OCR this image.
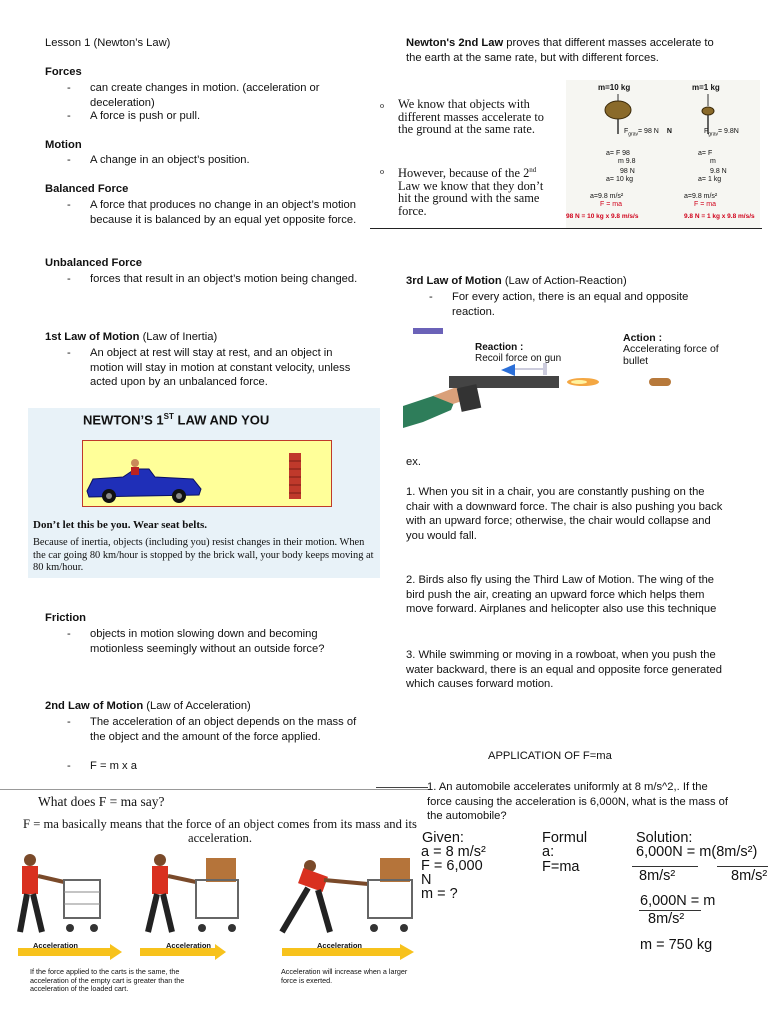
Lesson 1 (Newton’s Law)
Forces
- can create changes in motion. (acceleration or deceleration)
- A force is push or pull.
Motion
- A change in an object’s position.
Balanced Force
- A force that produces no change in an object’s motion because it is balanced by an equal yet opposite force.
Unbalanced Force
- forces that result in an object’s motion being changed.
1st Law of Motion (Law of Inertia)
- An object at rest will stay at rest, and an object in motion will stay in motion at constant velocity, unless acted upon by an unbalanced force.
NEWTON’S 1ST LAW AND YOU
Don’t let this be you. Wear seat belts.
Because of inertia, objects (including you) resist changes in their motion. When the car going 80 km/hour is stopped by the brick wall, your body keeps moving at 80 km/hour.
Friction
- objects in motion slowing down and becoming motionless seemingly without an outside force?
2nd Law of Motion (Law of Acceleration)
- The acceleration of an object depends on the mass of the object and the amount of the force applied.
- F = m x a
What does F = ma say?
F = ma basically means that the force of an object comes from its mass and its acceleration.
Acceleration	Acceleration	Acceleration
If the force applied to the carts is the same, the acceleration of the empty cart is greater than the acceleration of the loaded cart.
Acceleration will increase when a larger force is exerted.
Newton's 2nd Law proves that different masses accelerate to the earth at the same rate, but with different forces.
o We know that objects with different masses accelerate to the ground at the same rate.
o However, because of the 2nd Law we know that they don’t hit the ground with the same force.
m=10 kg	m=1 kg
$F_{grav}= 98$ N N	$F_{grav}= 9.8N$
a= F 98
m 9.8
98 N
a= 10 kg
a= F
m
9.8 N
a= 1 kg
a=9.8 m/s²
F = ma
a=9.8 m/s²
F = ma
98 N = 10 kg x 9.8 m/s/s	9.8 N = 1 kg x 9.8 m/s/s
3rd Law of Motion (Law of Action-Reaction)
- For every action, there is an equal and opposite reaction.
Reaction :
Recoil force on gun
Action :
Accelerating force of bullet
ex.
1. When you sit in a chair, you are constantly pushing on the chair with a downward force. The chair is also pushing you back with an upward force; otherwise, the chair would collapse and you would fall.
2. Birds also fly using the Third Law of Motion. The wing of the bird push the air, creating an upward force which helps them move forward. Airplanes and helicopter also use this technique
3. While swimming or moving in a rowboat, when you push the water backward, there is an equal and opposite force generated which causes forward motion.
APPLICATION OF F=ma
1. An automobile accelerates uniformly at 8 m/s^2,. If the force causing the acceleration is 6,000N, what is the mass of the automobile?
Given:
a = 8 m/s²
F = 6,000
N
m = ?
Formul
a:
F=ma
Solution:
6,000N = m(8m/s²)
8m/s²	8m/s²
6,000N = m
8m/s²
m = 750 kg
